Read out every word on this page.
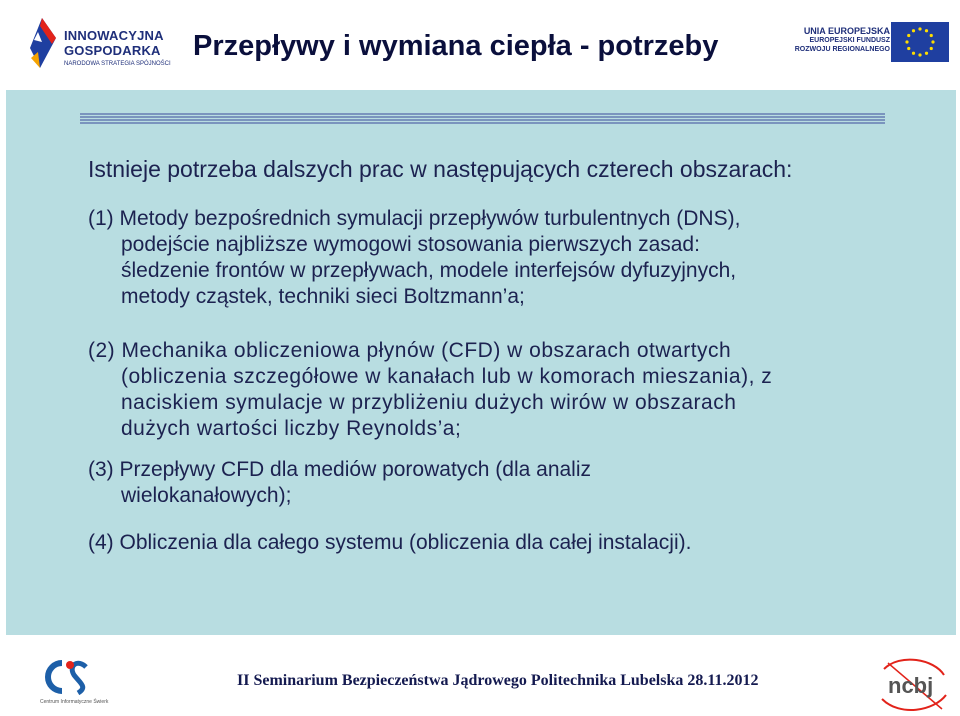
INNOWACYJNA
GOSPODARKA
NARODOWA STRATEGIA SPÓJNOŚCI
Przepływy i wymiana ciepła - potrzeby	UNIA EUROPEJSKA
EUROPEJSKI FUNDUSZ
ROZWOJU REGIONALNEGO

Istnieje potrzeba dalszych prac w następujących czterech obszarach:

(1) Metody bezpośrednich symulacji przepływów turbulentnych (DNS),
podejście najbliższe wymogowi stosowania pierwszych zasad:
śledzenie frontów w przepływach, modele interfejsów dyfuzyjnych,
metody cząstek, techniki sieci Boltzmann’a;

(2) Mechanika obliczeniowa płynów (CFD) w obszarach otwartych
(obliczenia szczegółowe w kanałach lub w komorach mieszania), z
naciskiem symulacje w przybliżeniu dużych wirów w obszarach
dużych wartości liczby Reynolds’a;

(3) Przepływy CFD dla mediów porowatych (dla analiz
wielokanałowych);

(4) Obliczenia dla całego systemu (obliczenia dla całej instalacji).

Centrum Informatyczne Świerk

II Seminarium Bezpieczeństwa Jądrowego Politechnika Lubelska 28.11.2012	ncbj
